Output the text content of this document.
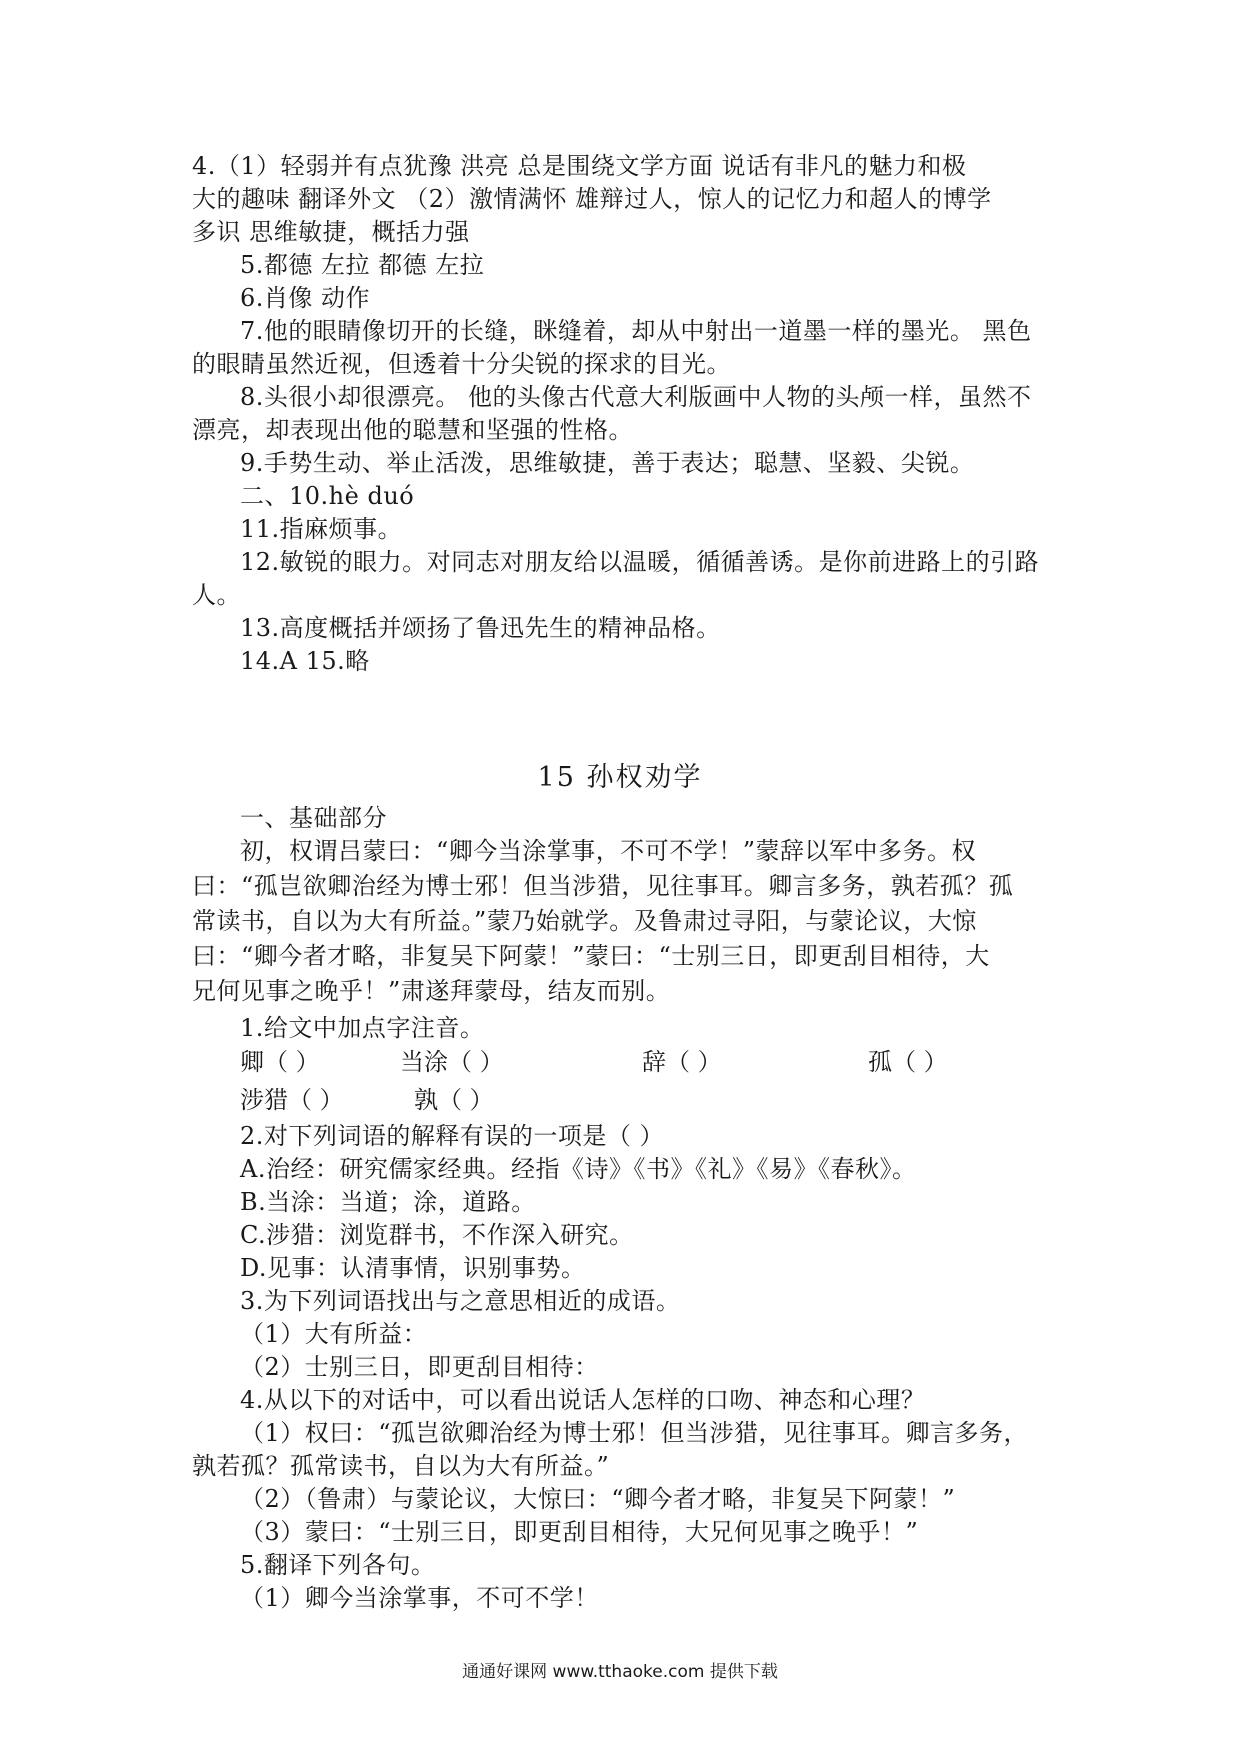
4.（1）轻弱并有点犹豫 洪亮 总是围绕文学方面 说话有非凡的魅力和极
大的趣味 翻译外文 （2）激情满怀 雄辩过人，惊人的记忆力和超人的博学
多识 思维敏捷，概括力强
5.都德 左拉 都德 左拉
6.肖像 动作
7.他的眼睛像切开的长缝，眯缝着，却从中射出一道墨一样的墨光。 黑色
的眼睛虽然近视，但透着十分尖锐的探求的目光。
8.头很小却很漂亮。 他的头像古代意大利版画中人物的头颅一样，虽然不
漂亮，却表现出他的聪慧和坚强的性格。
9.手势生动、举止活泼，思维敏捷，善于表达；聪慧、坚毅、尖锐。
二、10.hè duó
11.指麻烦事。
12.敏锐的眼力。对同志对朋友给以温暖，循循善诱。是你前进路上的引路
人。
13.高度概括并颂扬了鲁迅先生的精神品格。
14.A 15.略
15 孙权劝学
一、基础部分
初，权谓吕蒙曰：“卿今当涂掌事，不可不学！”蒙辞以军中多务。权
曰：“孤岂欲卿治经为博士邪！但当涉猎，见往事耳。卿言多务，孰若孤？孤
常读书，自以为大有所益。”蒙乃始就学。及鲁肃过寻阳，与蒙论议，大惊
曰：“卿今者才略，非复吴下阿蒙！”蒙曰：“士别三日，即更刮目相待，大
兄何见事之晚乎！”肃遂拜蒙母，结友而别。
1.给文中加点字注音。
卿（ ）	当涂（ ）	辞（ ）	孤（ ）
涉猎（ ）	孰（ ）
2.对下列词语的解释有误的一项是（ ）
A.治经：研究儒家经典。经指《诗》《书》《礼》《易》《春秋》。
B.当涂：当道；涂，道路。
C.涉猎：浏览群书，不作深入研究。
D.见事：认清事情，识别事势。
3.为下列词语找出与之意思相近的成语。
（1）大有所益：
（2）士别三日，即更刮目相待：
4.从以下的对话中，可以看出说话人怎样的口吻、神态和心理？
（1）权曰：“孤岂欲卿治经为博士邪！但当涉猎，见往事耳。卿言多务，
孰若孤？孤常读书，自以为大有所益。”
（2）（鲁肃）与蒙论议，大惊曰：“卿今者才略，非复吴下阿蒙！”
（3）蒙曰：“士别三日，即更刮目相待，大兄何见事之晚乎！”
5.翻译下列各句。
（1）卿今当涂掌事，不可不学！
通通好课网 www.tthaoke.com 提供下载
